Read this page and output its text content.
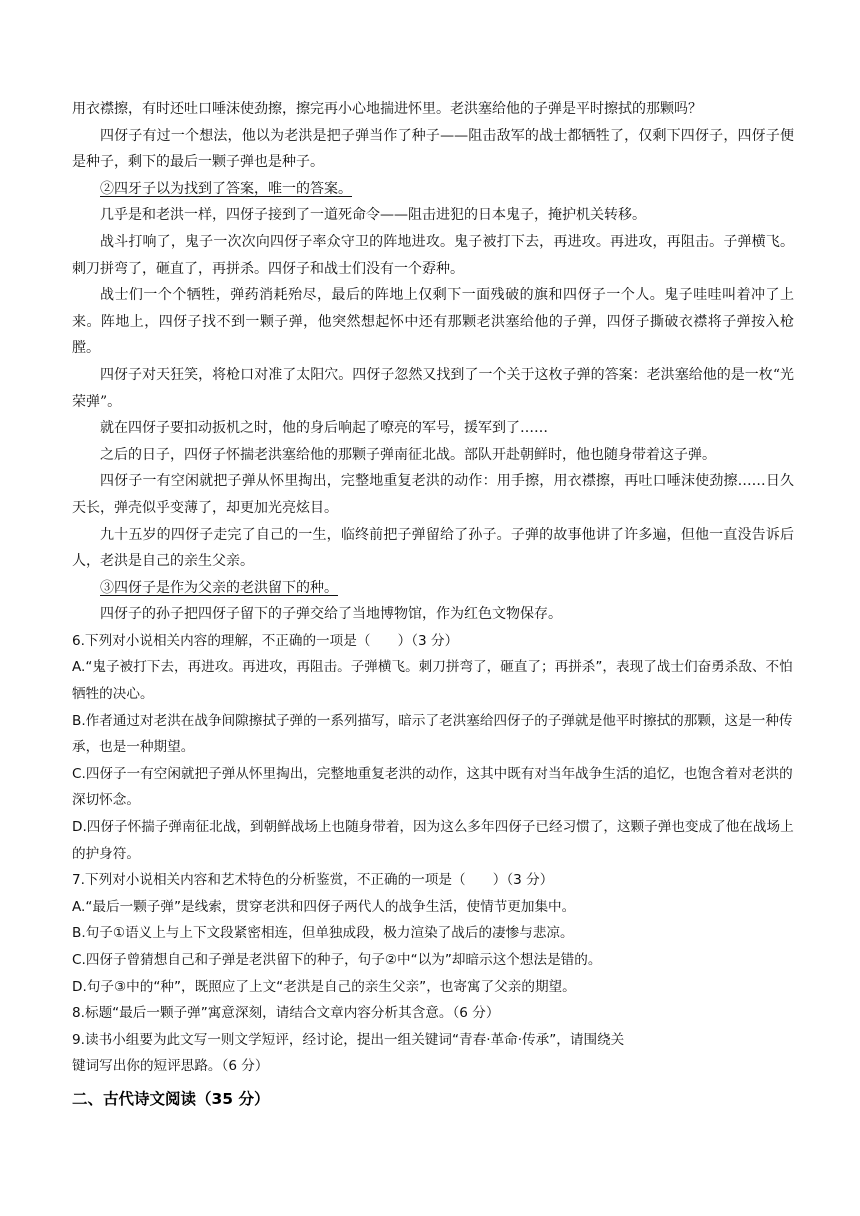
用衣襟擦，有时还吐口唾沫使劲擦，擦完再小心地揣进怀里。老洪塞给他的子弹是平时擦拭的那颗吗？

四伢子有过一个想法，他以为老洪是把子弹当作了种子——阻击敌军的战士都牺牲了，仅剩下四伢子，四伢子便是种子，剩下的最后一颗子弹也是种子。

②四牙子以为找到了答案，唯一的答案。

几乎是和老洪一样，四伢子接到了一道死命令——阻击进犯的日本鬼子，掩护机关转移。

战斗打响了，鬼子一次次向四伢子率众守卫的阵地进攻。鬼子被打下去，再进攻。再进攻，再阻击。子弹横飞。刺刀拼弯了，砸直了，再拼杀。四伢子和战士们没有一个孬种。

战士们一个个牺牲，弹药消耗殆尽，最后的阵地上仅剩下一面残破的旗和四伢子一个人。鬼子哇哇叫着冲了上来。阵地上，四伢子找不到一颗子弹，他突然想起怀中还有那颗老洪塞给他的子弹，四伢子撕破衣襟将子弹按入枪膛。

四伢子对天狂笑，将枪口对准了太阳穴。四伢子忽然又找到了一个关于这枚子弹的答案：老洪塞给他的是一枚“光荣弹”。

就在四伢子要扣动扳机之时，他的身后响起了嘹亮的军号，援军到了……

之后的日子，四伢子怀揣老洪塞给他的那颗子弹南征北战。部队开赴朝鲜时，他也随身带着这子弹。

四伢子一有空闲就把子弹从怀里掏出，完整地重复老洪的动作：用手擦，用衣襟擦，再吐口唾沫使劲擦……日久天长，弹壳似乎变薄了，却更加光亮炫目。

九十五岁的四伢子走完了自己的一生，临终前把子弹留给了孙子。子弹的故事他讲了许多遍，但他一直没告诉后人，老洪是自己的亲生父亲。

③四伢子是作为父亲的老洪留下的种。

四伢子的孙子把四伢子留下的子弹交给了当地博物馆，作为红色文物保存。

6.下列对小说相关内容的理解，不正确的一项是（　　）（3 分）

A.“鬼子被打下去，再进攻。再进攻，再阻击。子弹横飞。刺刀拼弯了，砸直了；再拼杀”，表现了战士们奋勇杀敌、不怕牺牲的决心。

B.作者通过对老洪在战争间隙擦拭子弹的一系列描写，暗示了老洪塞给四伢子的子弹就是他平时擦拭的那颗，这是一种传承，也是一种期望。

C.四伢子一有空闲就把子弹从怀里掏出，完整地重复老洪的动作，这其中既有对当年战争生活的追忆，也饱含着对老洪的深切怀念。

D.四伢子怀揣子弹南征北战，到朝鲜战场上也随身带着，因为这么多年四伢子已经习惯了，这颗子弹也变成了他在战场上的护身符。

7.下列对小说相关内容和艺术特色的分析鉴赏，不正确的一项是（　　）（3 分）

A.“最后一颗子弹”是线索，贯穿老洪和四伢子两代人的战争生活，使情节更加集中。

B.句子①语义上与上下文段紧密相连，但单独成段，极力渲染了战后的凄惨与悲凉。

C.四伢子曾猜想自己和子弹是老洪留下的种子，句子②中“以为”却暗示这个想法是错的。

D.句子③中的“种”，既照应了上文“老洪是自己的亲生父亲”，也寄寓了父亲的期望。

8.标题“最后一颗子弹”寓意深刻，请结合文章内容分析其含意。（6 分）

9.读书小组要为此文写一则文学短评，经讨论，提出一组关键词“青春·革命·传承”，请围绕关

键词写出你的短评思路。（6 分）

二、古代诗文阅读（35 分）
